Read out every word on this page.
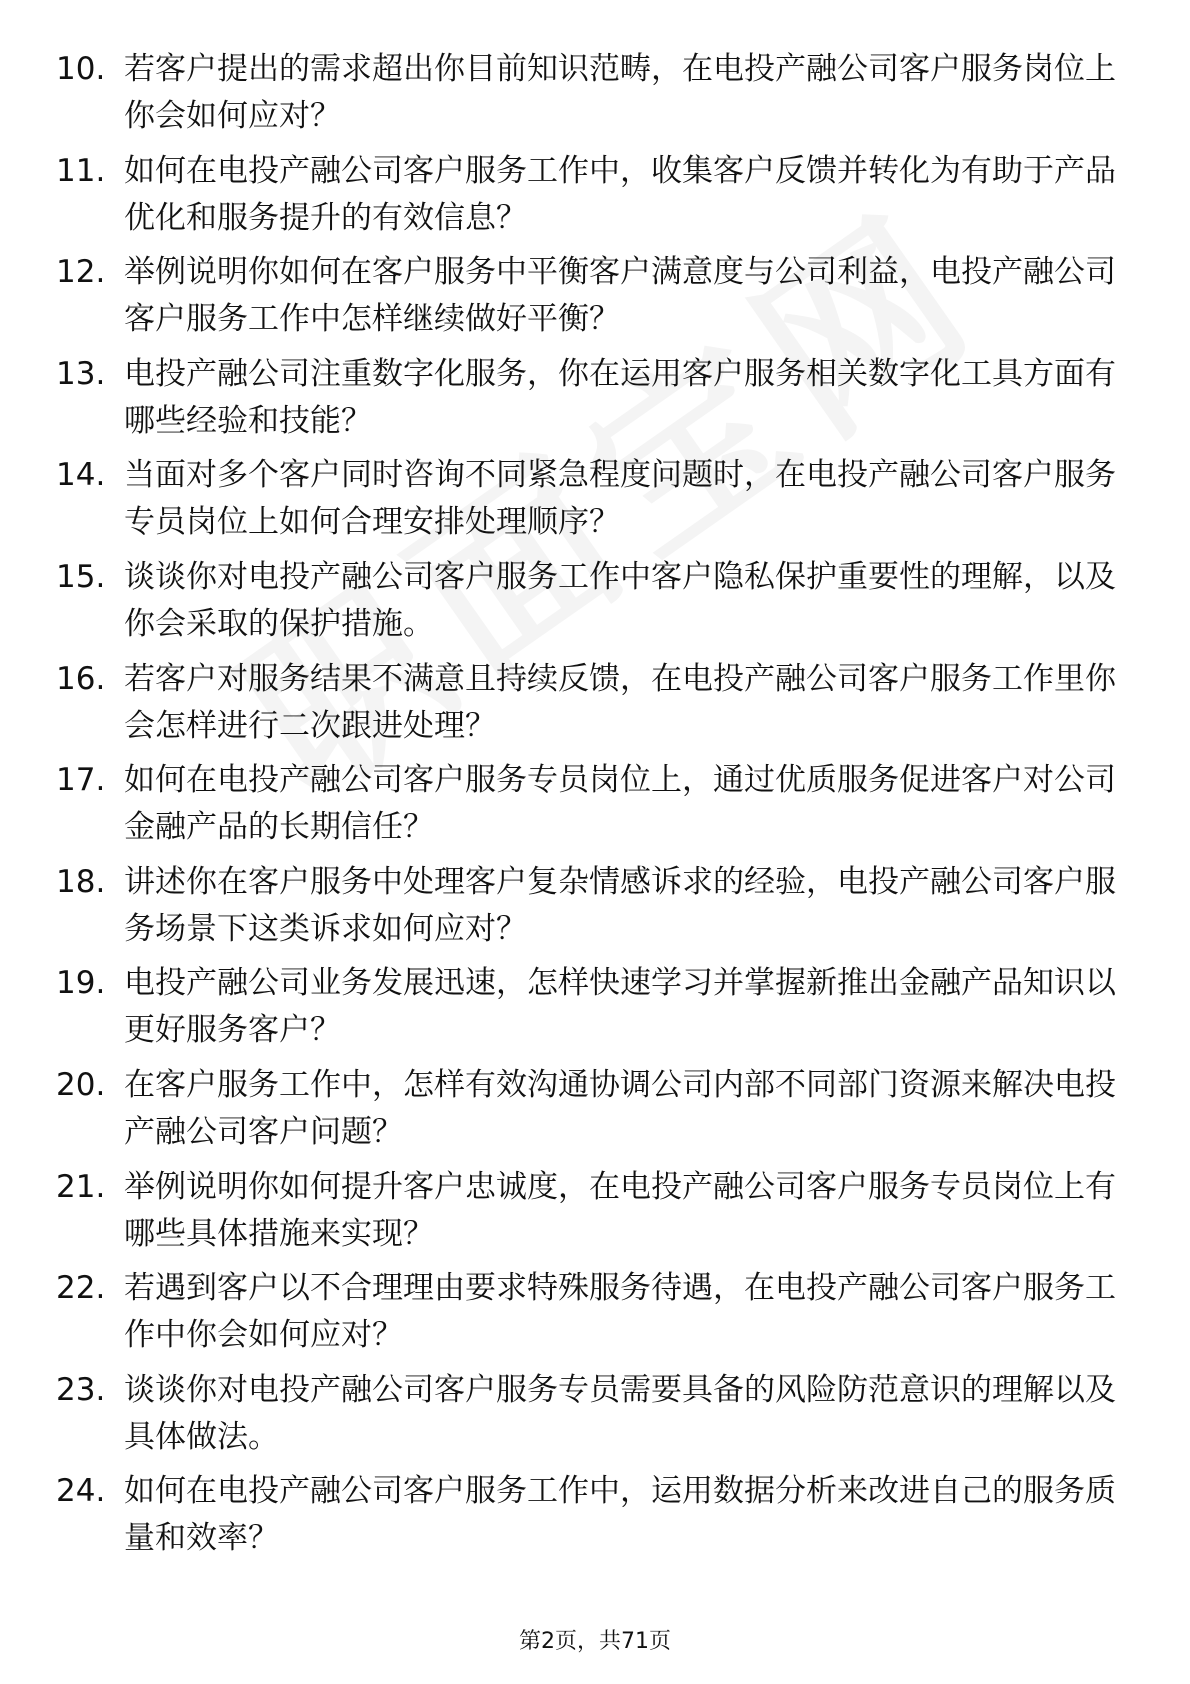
10. 若客户提出的需求超出你目前知识范畴，在电投产融公司客户服务岗位上你会如何应对？
11. 如何在电投产融公司客户服务工作中，收集客户反馈并转化为有助于产品优化和服务提升的有效信息？
12. 举例说明你如何在客户服务中平衡客户满意度与公司利益，电投产融公司客户服务工作中怎样继续做好平衡？
13. 电投产融公司注重数字化服务，你在运用客户服务相关数字化工具方面有哪些经验和技能？
14. 当面对多个客户同时咨询不同紧急程度问题时，在电投产融公司客户服务专员岗位上如何合理安排处理顺序？
15. 谈谈你对电投产融公司客户服务工作中客户隐私保护重要性的理解，以及你会采取的保护措施。
16. 若客户对服务结果不满意且持续反馈，在电投产融公司客户服务工作里你会怎样进行二次跟进处理？
17. 如何在电投产融公司客户服务专员岗位上，通过优质服务促进客户对公司金融产品的长期信任？
18. 讲述你在客户服务中处理客户复杂情感诉求的经验，电投产融公司客户服务场景下这类诉求如何应对？
19. 电投产融公司业务发展迅速，怎样快速学习并掌握新推出金融产品知识以更好服务客户？
20. 在客户服务工作中，怎样有效沟通协调公司内部不同部门资源来解决电投产融公司客户问题？
21. 举例说明你如何提升客户忠诚度，在电投产融公司客户服务专员岗位上有哪些具体措施来实现？
22. 若遇到客户以不合理理由要求特殊服务待遇，在电投产融公司客户服务工作中你会如何应对？
23. 谈谈你对电投产融公司客户服务专员需要具备的风险防范意识的理解以及具体做法。
24. 如何在电投产融公司客户服务工作中，运用数据分析来改进自己的服务质量和效率？
第2页，共71页
